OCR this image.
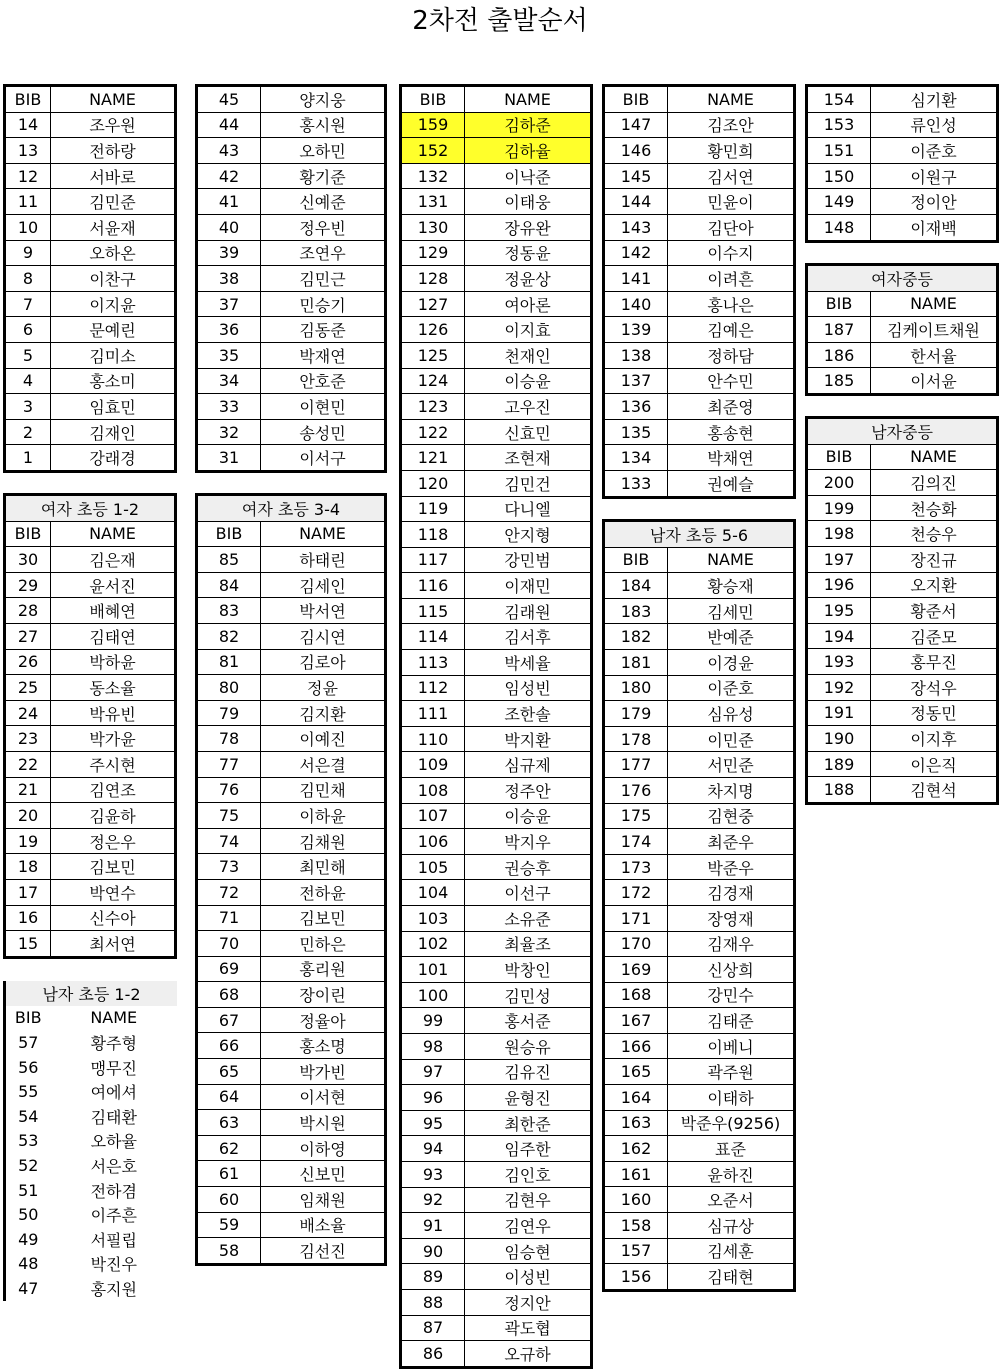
2차전 출발순서
BIB	NAME
14	조우원
13	전하랑
12	서바로
11	김민준
10	서윤재
9	오하온
8	이찬구
7	이지윤
6	문예린
5	김미소
4	홍소미
3	임효민
2	김재인
1	강래경
45	양지웅
44	홍시원
43	오하민
42	황기준
41	신예준
40	정우빈
39	조연우
38	김민근
37	민승기
36	김동준
35	박재연
34	안호준
33	이현민
32	송성민
31	이서구
BIB	NAME
159	김하준
152	김하율
132	이낙준
131	이태웅
130	장유완
129	정동윤
128	정윤상
127	여아론
126	이지효
125	천재인
124	이승윤
123	고우진
122	신효민
121	조현재
120	김민건
119	다니엘
118	안지형
117	강민범
116	이재민
115	김래원
114	김서후
113	박세율
112	임성빈
111	조한솔
110	박지환
109	심규제
108	정주안
107	이승윤
106	박지우
105	권승후
104	이선구
103	소유준
102	최율조
101	박창인
100	김민성
99	홍서준
98	원승유
97	김유진
96	윤형진
95	최한준
94	임주한
93	김인호
92	김현우
91	김연우
90	임승현
89	이성빈
88	정지안
87	곽도협
86	오규하
BIB	NAME
147	김조안
146	황민희
145	김서연
144	민윤이
143	김단아
142	이수지
141	이려흔
140	홍나은
139	김예은
138	정하담
137	안수민
136	최준영
135	홍송현
134	박채연
133	권예슬
154	심기환
153	류인성
151	이준호
150	이원구
149	정이안
148	이재백
여자중등	
BIB	NAME
187	김케이트채원
186	한서율
185	이서윤
남자중등	
BIB	NAME
200	김의진
199	천승화
198	천승우
197	장진규
196	오지환
195	황준서
194	김준모
193	홍무진
192	장석우
191	정동민
190	이지후
189	이은직
188	김현석
여자 초등 1-2	
BIB	NAME
30	김은재
29	윤서진
28	배혜연
27	김태연
26	박하윤
25	동소율
24	박유빈
23	박가윤
22	주시현
21	김연조
20	김윤하
19	정은우
18	김보민
17	박연수
16	신수아
15	최서연
여자 초등 3-4	
BIB	NAME
85	하태린
84	김세인
83	박서연
82	김시연
81	김로아
80	정윤
79	김지환
78	이예진
77	서은결
76	김민채
75	이하윤
74	김채원
73	최민해
72	전하윤
71	김보민
70	민하은
69	홍리원
68	장이린
67	정율아
66	홍소명
65	박가빈
64	이서현
63	박시원
62	이하영
61	신보민
60	임채원
59	배소율
58	김선진
남자 초등 5-6	
BIB	NAME
184	황승재
183	김세민
182	반예준
181	이경윤
180	이준호
179	심유성
178	이민준
177	서민준
176	차지명
175	김현중
174	최준우
173	박준우
172	김경재
171	장영재
170	김재우
169	신상희
168	강민수
167	김태준
166	이베니
165	곽주원
164	이태하
163	박준우(9256)
162	표준
161	윤하진
160	오준서
158	심규상
157	김세훈
156	김태현
남자 초등 1-2	
BIB	NAME
57	황주형
56	맹무진
55	여에셔
54	김태환
53	오하율
52	서은호
51	전하겸
50	이주흔
49	서필립
48	박진우
47	홍지원
